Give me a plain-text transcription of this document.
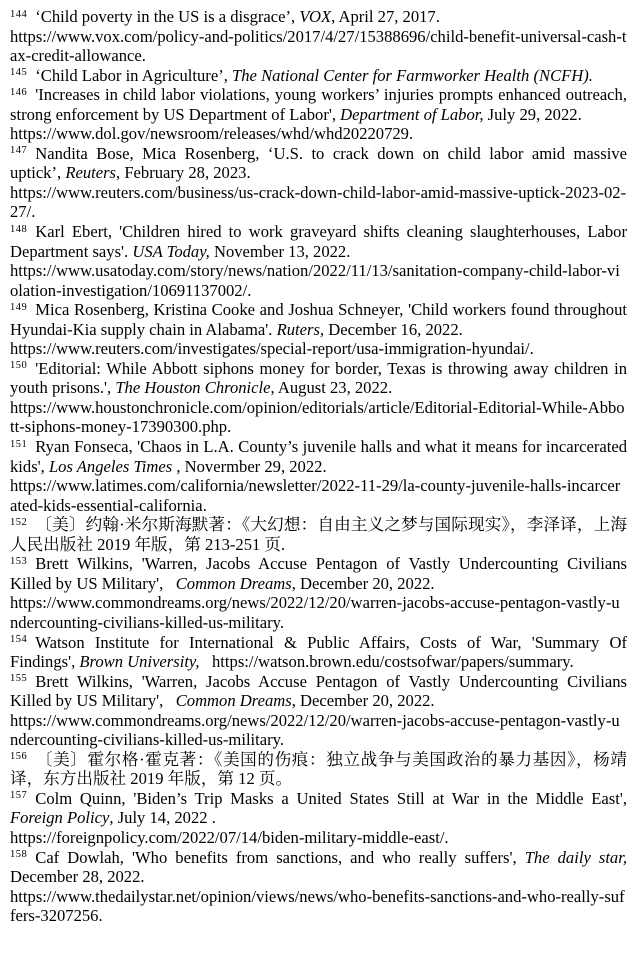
$^{144}$ ‘Child poverty in the US is a disgrace’, VOX, April 27, 2017.
https://www.vox.com/policy-and-politics/2017/4/27/15388696/child-benefit-universal-cash-tax-credit-allowance.

$^{145}$ ‘Child Labor in Agriculture’, The National Center for Farmworker Health (NCFH).

$^{146}$ 'Increases in child labor violations, young workers’ injuries prompts enhanced outreach, strong enforcement by US Department of Labor', Department of Labor, July 29, 2022.
https://www.dol.gov/newsroom/releases/whd/whd20220729.

$^{147}$ Nandita Bose, Mica Rosenberg, ‘U.S. to crack down on child labor amid massive uptick’, Reuters, February 28, 2023.
https://www.reuters.com/business/us-crack-down-child-labor-amid-massive-uptick-2023-02-27/.

$^{148}$ Karl Ebert, 'Children hired to work graveyard shifts cleaning slaughterhouses, Labor Department says'. USA Today, November 13, 2022.
https://www.usatoday.com/story/news/nation/2022/11/13/sanitation-company-child-labor-violation-investigation/10691137002/.

$^{149}$ Mica Rosenberg, Kristina Cooke and Joshua Schneyer, 'Child workers found throughout Hyundai-Kia supply chain in Alabama'. Ruters, December 16, 2022.
https://www.reuters.com/investigates/special-report/usa-immigration-hyundai/.

$^{150}$ 'Editorial: While Abbott siphons money for border, Texas is throwing away children in youth prisons.', The Houston Chronicle, August 23, 2022.
https://www.houstonchronicle.com/opinion/editorials/article/Editorial-Editorial-While-Abbott-siphons-money-17390300.php.

$^{151}$ Ryan Fonseca, 'Chaos in L.A. County’s juvenile halls and what it means for incarcerated kids', Los Angeles Times , Novermber 29, 2022.
https://www.latimes.com/california/newsletter/2022-11-29/la-county-juvenile-halls-incarcerated-kids-essential-california.

$^{152}$ 〔美〕约翰·米尔斯海默著：《大幻想：自由主义之梦与国际现实》，李泽译，上海人民出版社 2019 年版，第 213-251 页.

$^{153}$ Brett Wilkins, 'Warren, Jacobs Accuse Pentagon of Vastly Undercounting Civilians Killed by US Military',   Common Dreams, December 20, 2022.
https://www.commondreams.org/news/2022/12/20/warren-jacobs-accuse-pentagon-vastly-undercounting-civilians-killed-us-military.

$^{154}$ Watson Institute for International & Public Affairs, Costs of War, 'Summary Of Findings', Brown University, https://watson.brown.edu/costsofwar/papers/summary.

$^{155}$ Brett Wilkins, 'Warren, Jacobs Accuse Pentagon of Vastly Undercounting Civilians Killed by US Military',   Common Dreams, December 20, 2022.
https://www.commondreams.org/news/2022/12/20/warren-jacobs-accuse-pentagon-vastly-undercounting-civilians-killed-us-military.

$^{156}$ 〔美〕霍尔格·霍克著：《美国的伤痕：独立战争与美国政治的暴力基因》，杨靖译，东方出版社 2019 年版，第 12 页。

$^{157}$ Colm Quinn, 'Biden’s Trip Masks a United States Still at War in the Middle East', Foreign Policy, July 14, 2022 .
https://foreignpolicy.com/2022/07/14/biden-military-middle-east/.

$^{158}$ Caf Dowlah, 'Who benefits from sanctions, and who really suffers', The daily star, December 28, 2022.
https://www.thedailystar.net/opinion/views/news/who-benefits-sanctions-and-who-really-suffers-3207256.
